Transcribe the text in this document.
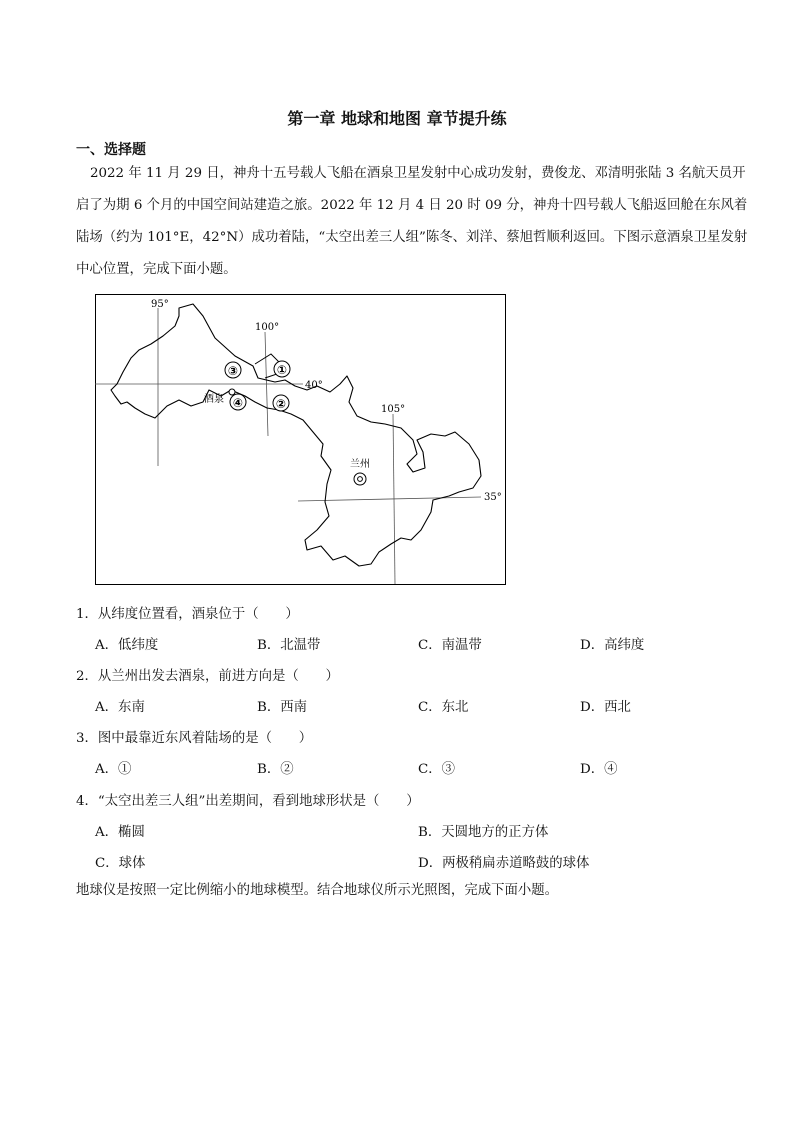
第一章 地球和地图 章节提升练
一、选择题
2022 年 11 月 29 日，神舟十五号载人飞船在酒泉卫星发射中心成功发射，费俊龙、邓清明张陆 3 名航天员开启了为期 6 个月的中国空间站建造之旅。2022 年 12 月 4 日 20 时 09 分，神舟十四号载人飞船返回舱在东风着陆场（约为 101°E，42°N）成功着陆，“太空出差三人组”陈冬、刘洋、蔡旭哲顺利返回。下图示意酒泉卫星发射中心位置，完成下面小题。
①
②
③
④
95°
100°
105°
40°
35°
酒泉
兰州
1．从纬度位置看，酒泉位于（　　）
A．低纬度	B．北温带	C．南温带	D．高纬度
2．从兰州出发去酒泉，前进方向是（　　）
A．东南	B．西南	C．东北	D．西北
3．图中最靠近东风着陆场的是（　　）
A．①	B．②	C．③	D．④
4．“太空出差三人组”出差期间，看到地球形状是（　　）
A．椭圆	B．天圆地方的正方体
C．球体	D．两极稍扁赤道略鼓的球体
地球仪是按照一定比例缩小的地球模型。结合地球仪所示光照图，完成下面小题。
